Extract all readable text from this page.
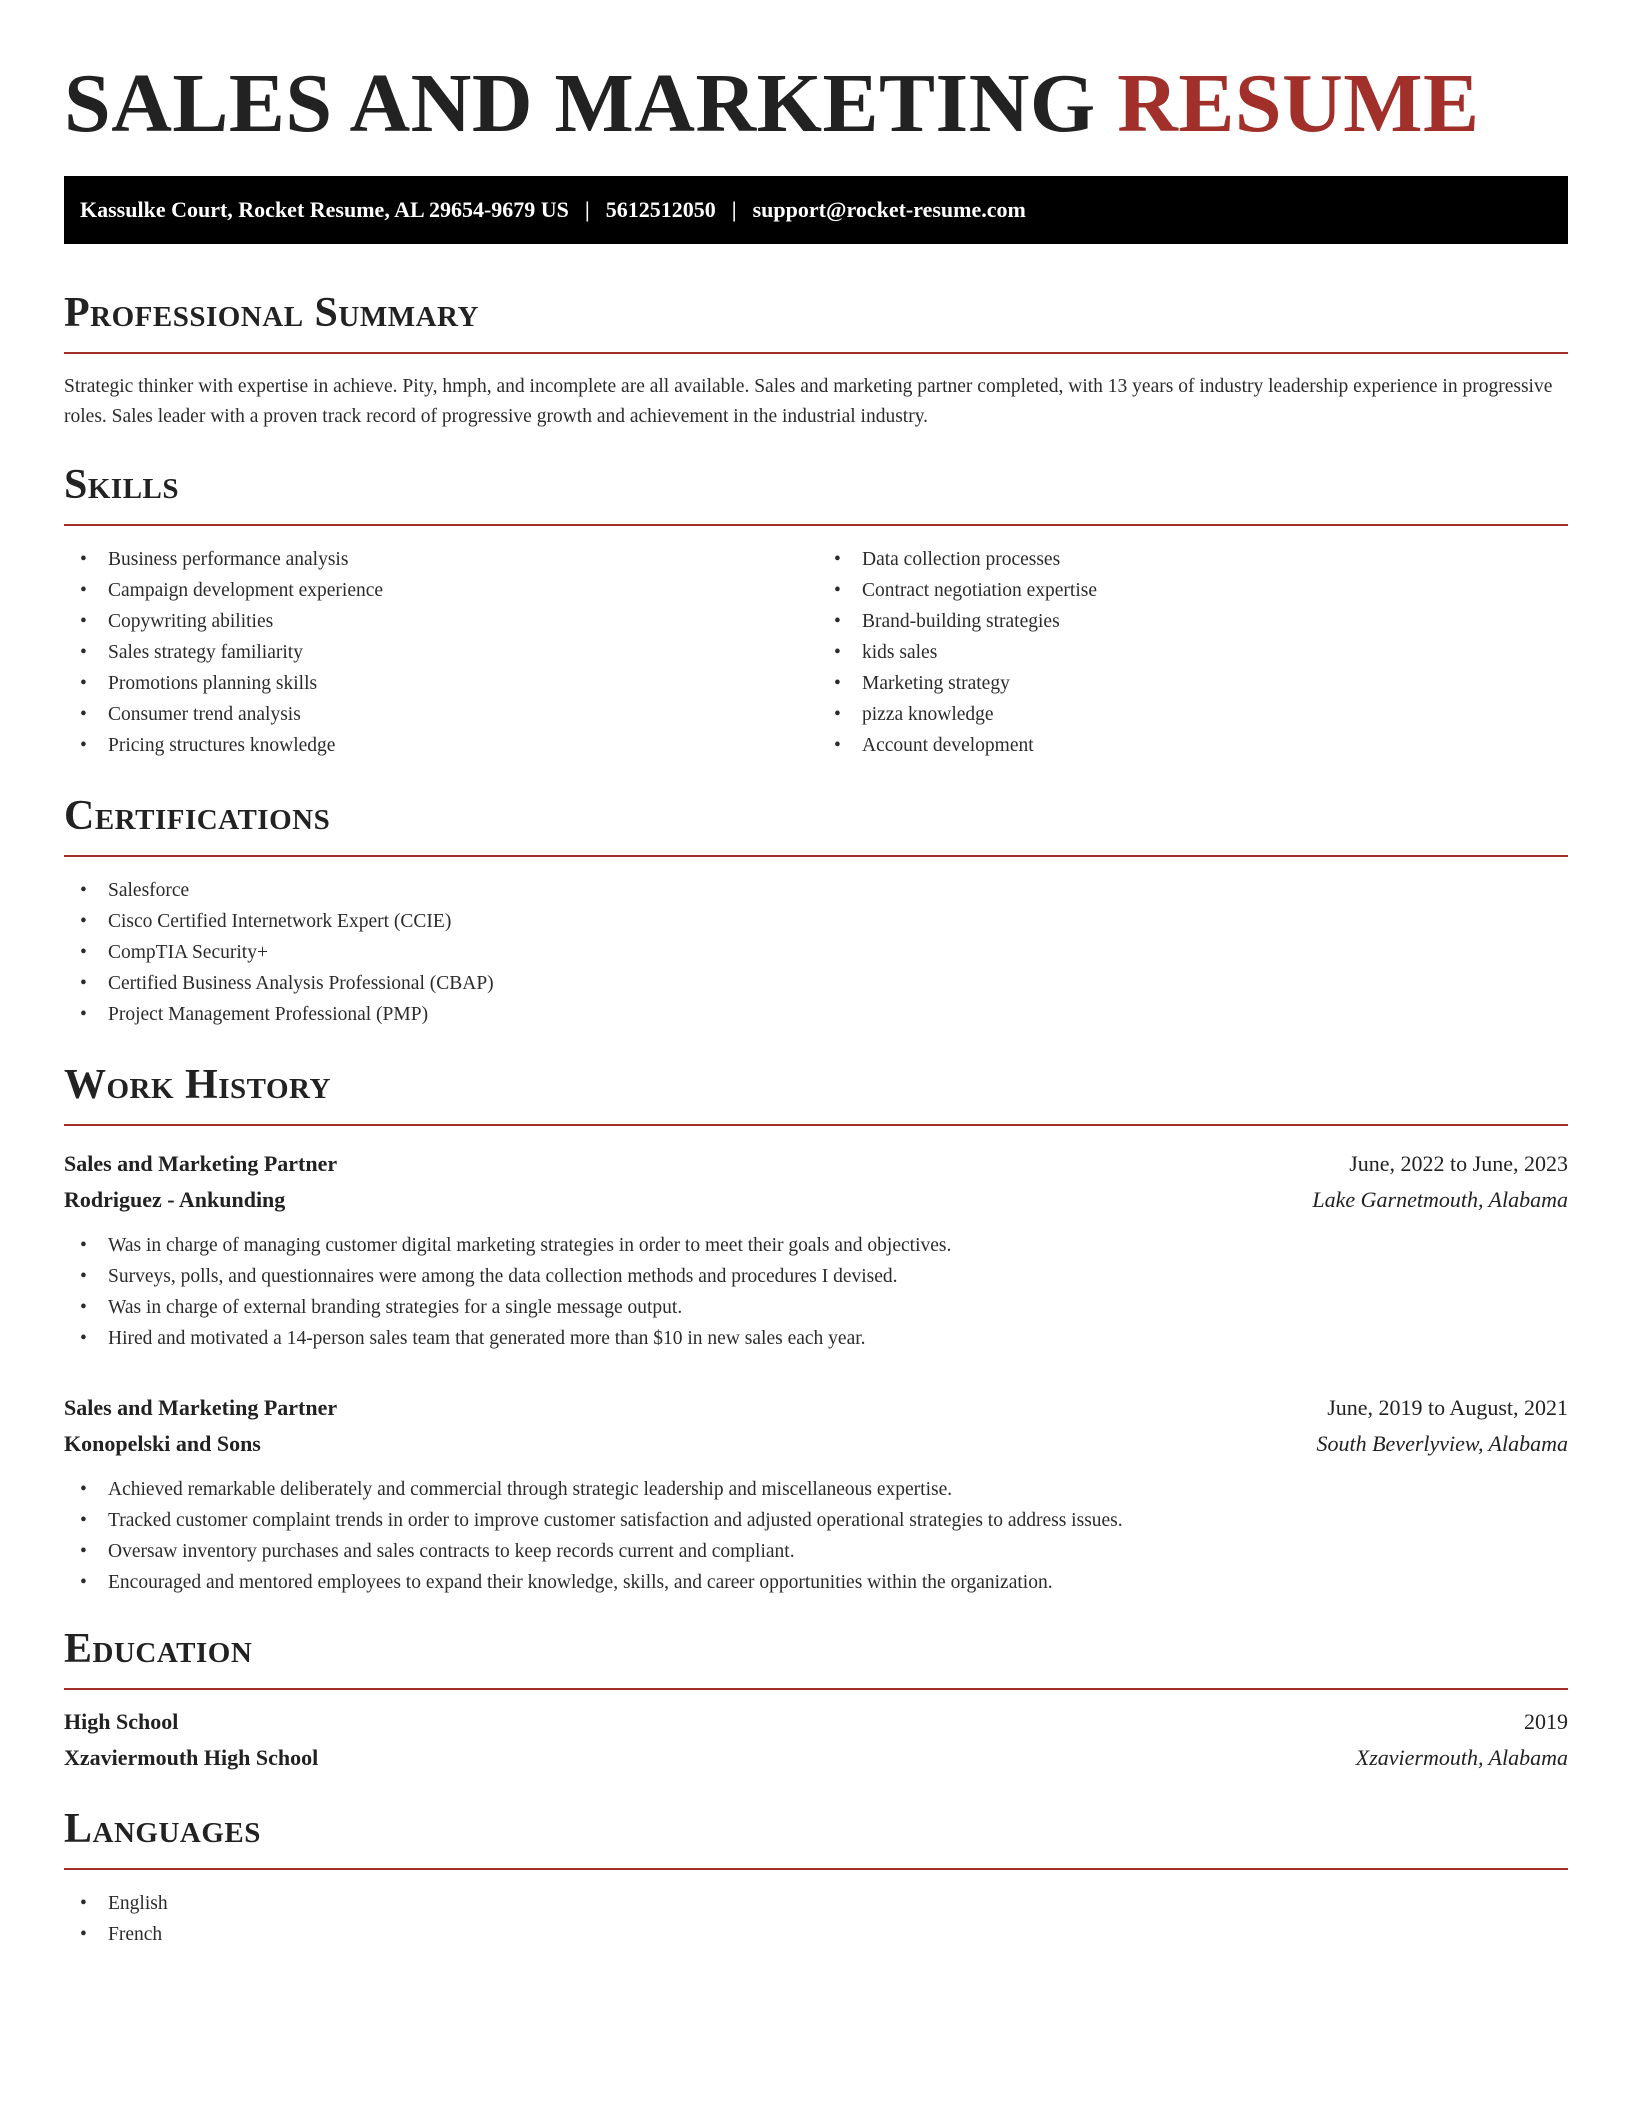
SALES AND MARKETING RESUME
Kassulke Court, Rocket Resume, AL 29654-9679 US | 5612512050 | support@rocket-resume.com
Professional Summary

Strategic thinker with expertise in achieve. Pity, hmph, and incomplete are all available. Sales and marketing partner completed, with 13 years of industry leadership experience in progressive roles. Sales leader with a proven track record of progressive growth and achievement in the industrial industry.

Skills
• Business performance analysis
• Campaign development experience
• Copywriting abilities
• Sales strategy familiarity
• Promotions planning skills
• Consumer trend analysis
• Pricing structures knowledge
• Data collection processes
• Contract negotiation expertise
• Brand-building strategies
• kids sales
• Marketing strategy
• pizza knowledge
• Account development
Certifications
• Salesforce
• Cisco Certified Internetwork Expert (CCIE)
• CompTIA Security+
• Certified Business Analysis Professional (CBAP)
• Project Management Professional (PMP)
Work History
Sales and Marketing Partner	June, 2022 to June, 2023
Rodriguez - Ankunding	Lake Garnetmouth, Alabama
• Was in charge of managing customer digital marketing strategies in order to meet their goals and objectives.
• Surveys, polls, and questionnaires were among the data collection methods and procedures I devised.
• Was in charge of external branding strategies for a single message output.
• Hired and motivated a 14-person sales team that generated more than $10 in new sales each year.
Sales and Marketing Partner	June, 2019 to August, 2021
Konopelski and Sons	South Beverlyview, Alabama
• Achieved remarkable deliberately and commercial through strategic leadership and miscellaneous expertise.
• Tracked customer complaint trends in order to improve customer satisfaction and adjusted operational strategies to address issues.
• Oversaw inventory purchases and sales contracts to keep records current and compliant.
• Encouraged and mentored employees to expand their knowledge, skills, and career opportunities within the organization.
Education
High School	2019
Xzaviermouth High School	Xzaviermouth, Alabama
Languages
• English
• French
